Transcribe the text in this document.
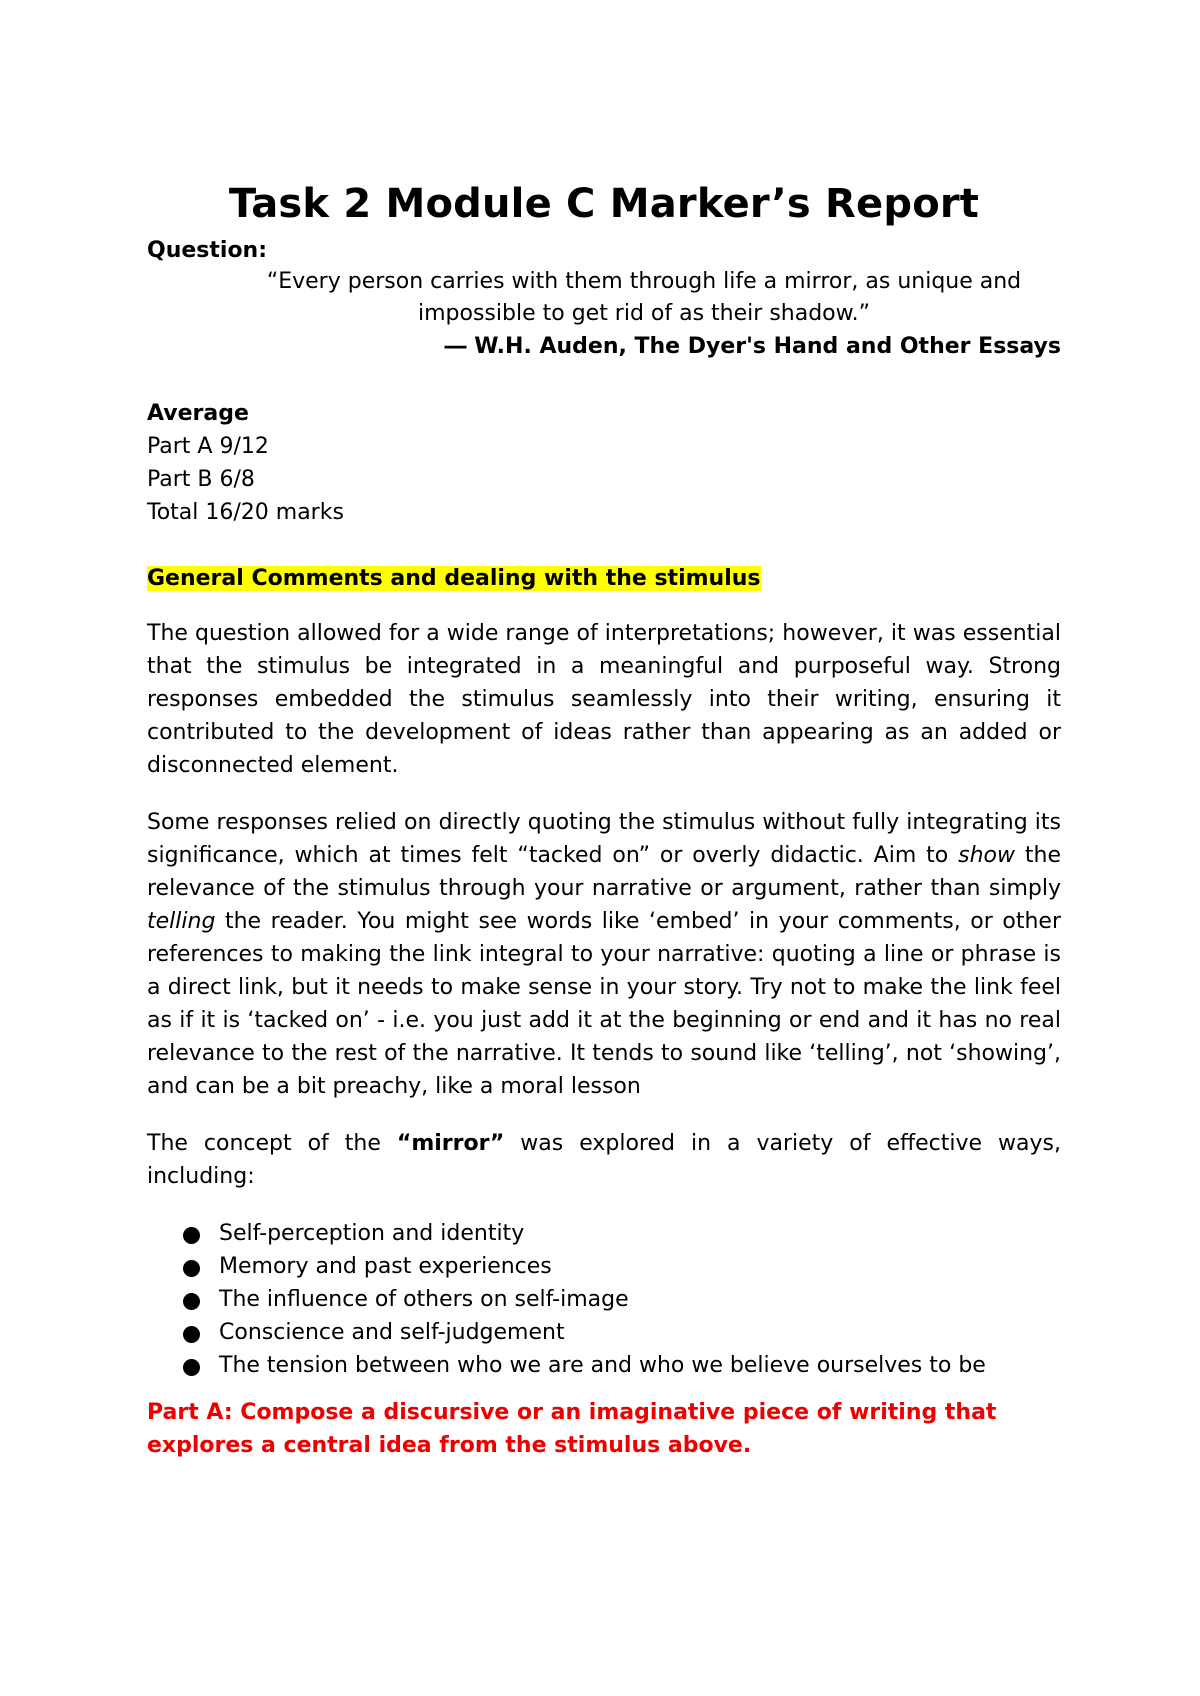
Task 2 Module C Marker’s Report
Question:
“Every person carries with them through life a mirror, as unique and
impossible to get rid of as their shadow.”
― W.H. Auden, The Dyer's Hand and Other Essays
Average
Part A 9/12
Part B 6/8
Total 16/20 marks
General Comments and dealing with the stimulus

The question allowed for a wide range of interpretations; however, it was essential that the stimulus be integrated in a meaningful and purposeful way. Strong responses embedded the stimulus seamlessly into their writing, ensuring it contributed to the development of ideas rather than appearing as an added or disconnected element.

Some responses relied on directly quoting the stimulus without fully integrating its significance, which at times felt “tacked on” or overly didactic. Aim to show the relevance of the stimulus through your narrative or argument, rather than simply telling the reader. You might see words like ‘embed’ in your comments, or other references to making the link integral to your narrative: quoting a line or phrase is a direct link, but it needs to make sense in your story. Try not to make the link feel as if it is ‘tacked on’ - i.e. you just add it at the beginning or end and it has no real relevance to the rest of the narrative. It tends to sound like ‘telling’, not ‘showing’, and can be a bit preachy, like a moral lesson

The concept of the “mirror” was explored in a variety of effective ways, including:

Self-perception and identity
Memory and past experiences
The influence of others on self-image
Conscience and self-judgement
The tension between who we are and who we believe ourselves to be
Part A: Compose a discursive or an imaginative piece of writing that explores a central idea from the stimulus above.
